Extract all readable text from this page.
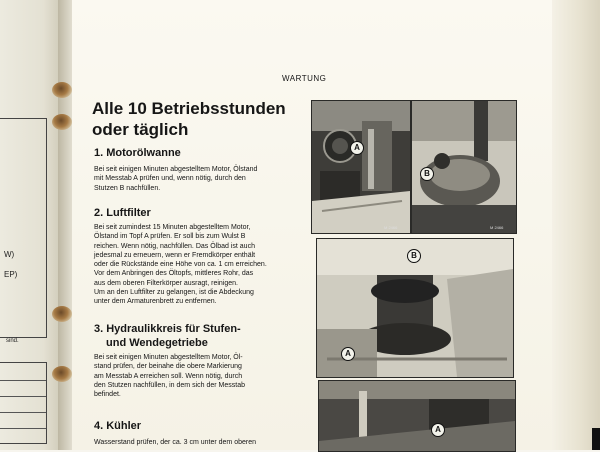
W)
EP)
sind.
WARTUNG
Alle 10 Betriebsstunden
oder täglich
1. Motorölwanne
Bei seit einigen Minuten abgestelltem Motor, Ölstand
mit Messtab A prüfen und, wenn nötig, durch den
Stutzen B nachfüllen.
2. Luftfilter
Bei seit zumindest 15 Minuten abgestelltem Motor,
Ölstand im Topf A prüfen. Er soll bis zum Wulst B
reichen. Wenn nötig, nachfüllen. Das Ölbad ist auch
jedesmal zu erneuern, wenn er Fremdkörper enthält
oder die Rückstände eine Höhe von ca. 1 cm erreichen.
Vor dem Anbringen des Öltopfs, mittleres Rohr, das
aus dem oberen Filterkörper ausragt, reinigen.
Um an den Luftfilter zu gelangen, ist die Abdeckung
unter dem Armaturenbrett zu entfernen.
3. Hydraulikkreis für Stufen-
und Wendegetriebe
Bei seit einigen Minuten abgestelltem Motor, Öl-
stand prüfen, der beinahe die obere Markierung
am Messtab A erreichen soll. Wenn nötig, durch
den Stutzen nachfüllen, in dem sich der Messtab
befindet.
4. Kühler
Wasserstand prüfen, der ca. 3 cm unter dem oberen
A
M 2466
B
M 2466
B
A
A
